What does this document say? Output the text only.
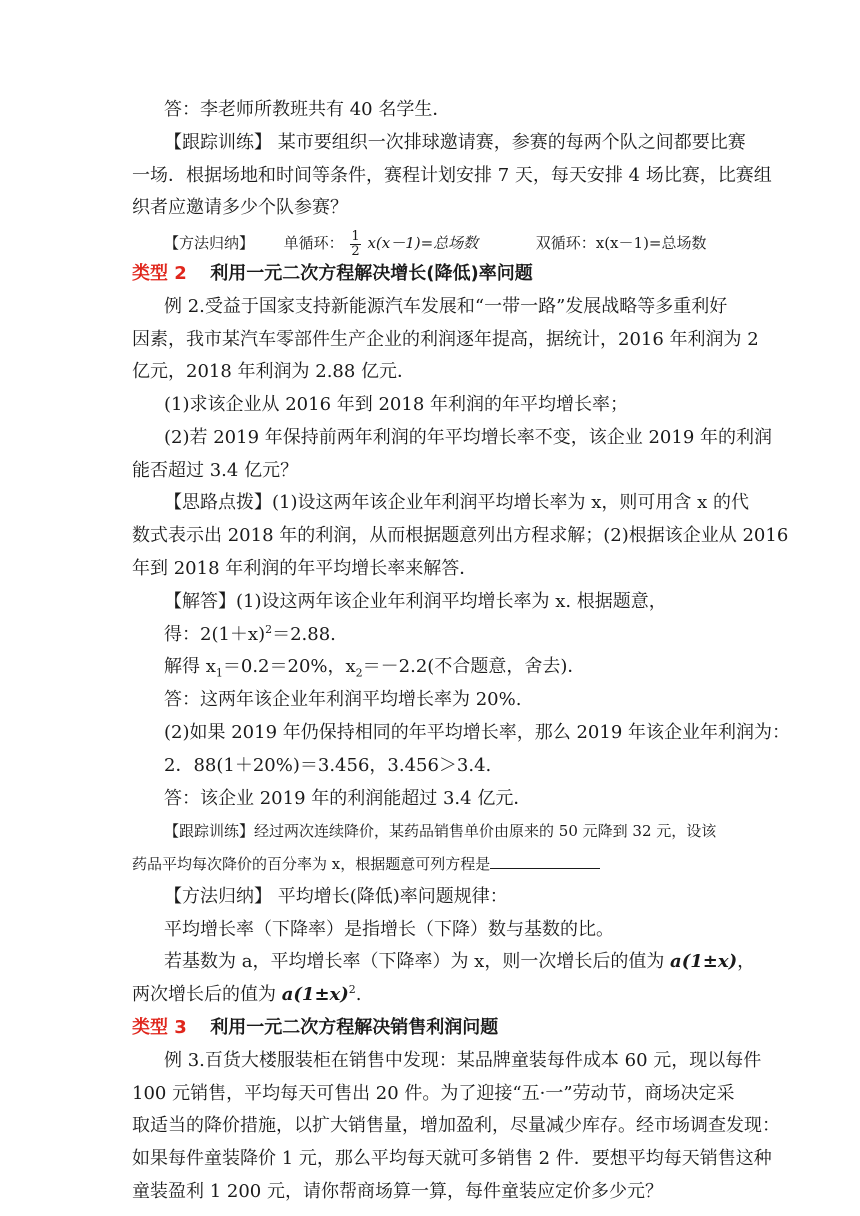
答：李老师所教班共有 40 名学生．
【跟踪训练】 某市要组织一次排球邀请赛，参赛的每两个队之间都要比赛
一场．根据场地和时间等条件，赛程计划安排 7 天，每天安排 4 场比赛，比赛组
织者应邀请多少个队参赛？
【方法归纳】 单循环： $\frac{1}{2} x(x-1)=$总场数	双循环：x(x－1)=总场数
类型 2 利用一元二次方程解决增长(降低)率问题
例 2.受益于国家支持新能源汽车发展和“一带一路”发展战略等多重利好
因素，我市某汽车零部件生产企业的利润逐年提高，据统计，2016 年利润为 2
亿元，2018 年利润为 2.88 亿元．
(1)求该企业从 2016 年到 2018 年利润的年平均增长率；
(2)若 2019 年保持前两年利润的年平均增长率不变，该企业 2019 年的利润
能否超过 3.4 亿元？
【思路点拨】(1)设这两年该企业年利润平均增长率为 x，则可用含 x 的代
数式表示出 2018 年的利润，从而根据题意列出方程求解；(2)根据该企业从 2016
年到 2018 年利润的年平均增长率来解答．
【解答】(1)设这两年该企业年利润平均增长率为 x. 根据题意，
得：$2(1+x)^2=2.88$.
解得 $x_1=0.2=20\%$，$x_2=-2.2$(不合题意，舍去)．
答：这两年该企业年利润平均增长率为 20%.
(2)如果 2019 年仍保持相同的年平均增长率，那么 2019 年该企业年利润为：
2．88(1＋20%)＝3.456，3.456＞3.4.
答：该企业 2019 年的利润能超过 3.4 亿元．
【跟踪训练】经过两次连续降价，某药品销售单价由原来的 50 元降到 32 元，设该
药品平均每次降价的百分率为 x，根据题意可列方程是
【方法归纳】 平均增长(降低)率问题规律：
平均增长率（下降率）是指增长（下降）数与基数的比。
若基数为 a，平均增长率（下降率）为 x，则一次增长后的值为 a(1±x)，
两次增长后的值为 $a(1\pm x)^2$.
类型 3 利用一元二次方程解决销售利润问题
例 3.百货大楼服装柜在销售中发现：某品牌童装每件成本 60 元，现以每件
100 元销售，平均每天可售出 20 件。为了迎接“五·一”劳动节，商场决定采
取适当的降价措施，以扩大销售量，增加盈利，尽量减少库存。经市场调查发现：
如果每件童装降价 1 元，那么平均每天就可多销售 2 件．要想平均每天销售这种
童装盈利 1 200 元，请你帮商场算一算，每件童装应定价多少元？
